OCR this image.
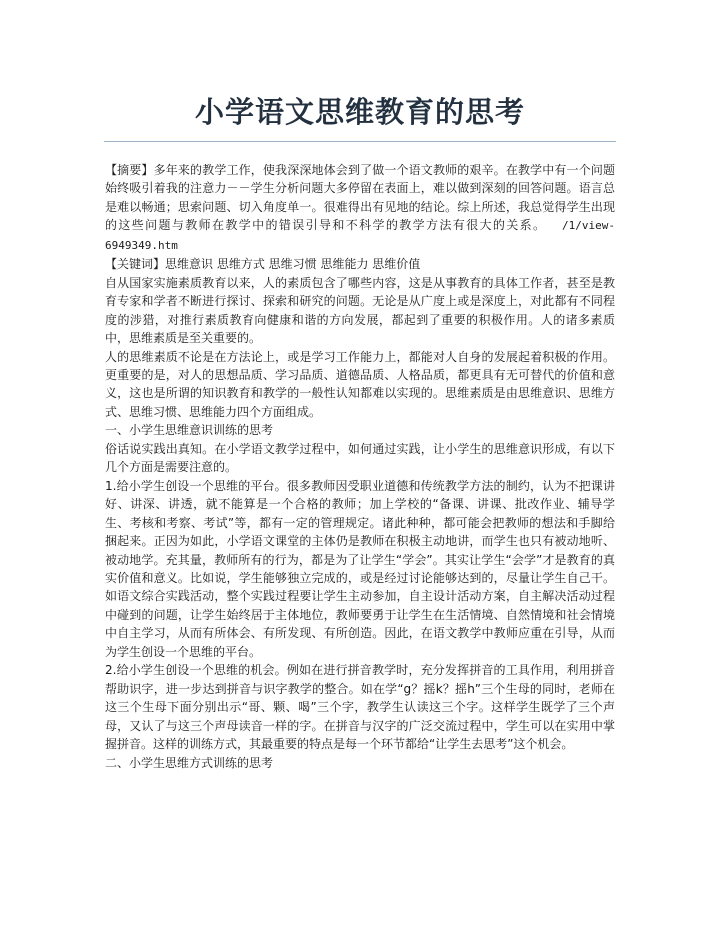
小学语文思维教育的思考

【摘要】多年来的教学工作，使我深深地体会到了做一个语文教师的艰辛。在教学中有一个问题始终吸引着我的注意力－－学生分析问题大多停留在表面上，难以做到深刻的回答问题。语言总是难以畅通；思索问题、切入角度单一。很难得出有见地的结论。综上所述，我总觉得学生出现的这些问题与教师在教学中的错误引导和不科学的教学方法有很大的关系。 /1/view-6949349.htm

【关键词】思维意识 思维方式 思维习惯 思维能力 思维价值

自从国家实施素质教育以来，人的素质包含了哪些内容，这是从事教育的具体工作者，甚至是教育专家和学者不断进行探讨、探索和研究的问题。无论是从广度上或是深度上，对此都有不同程度的涉猎，对推行素质教育向健康和谐的方向发展，都起到了重要的积极作用。人的诸多素质中，思维素质是至关重要的。

人的思维素质不论是在方法论上，或是学习工作能力上，都能对人自身的发展起着积极的作用。更重要的是，对人的思想品质、学习品质、道德品质、人格品质，都更具有无可替代的价值和意义，这也是所谓的知识教育和教学的一般性认知都难以实现的。思维素质是由思维意识、思维方式、思维习惯、思维能力四个方面组成。

一、小学生思维意识训练的思考

俗话说实践出真知。在小学语文教学过程中，如何通过实践，让小学生的思维意识形成，有以下几个方面是需要注意的。

1.给小学生创设一个思维的平台。很多教师因受职业道德和传统教学方法的制约，认为不把课讲好、讲深、讲透，就不能算是一个合格的教师；加上学校的“备课、讲课、批改作业、辅导学生、考核和考察、考试”等，都有一定的管理规定。诸此种种，都可能会把教师的想法和手脚给捆起来。正因为如此，小学语文课堂的主体仍是教师在积极主动地讲，而学生也只有被动地听、被动地学。充其量，教师所有的行为，都是为了让学生“学会”。其实让学生“会学”才是教育的真实价值和意义。比如说，学生能够独立完成的，或是经过讨论能够达到的，尽量让学生自己干。如语文综合实践活动，整个实践过程要让学生主动参加，自主设计活动方案，自主解决活动过程中碰到的问题，让学生始终居于主体地位，教师要勇于让学生在生活情境、自然情境和社会情境中自主学习，从而有所体会、有所发现、有所创造。因此，在语文教学中教师应重在引导，从而为学生创设一个思维的平台。

2.给小学生创设一个思维的机会。例如在进行拼音教学时，充分发挥拼音的工具作用，利用拼音帮助识字，进一步达到拼音与识字教学的整合。如在学“g？摇k？摇h”三个生母的同时，老师在这三个生母下面分别出示“哥、颗、喝”三个字，教学生认读这三个字。这样学生既学了三个声母，又认了与这三个声母读音一样的字。在拼音与汉字的广泛交流过程中，学生可以在实用中掌握拼音。这样的训练方式，其最重要的特点是每一个环节都给“让学生去思考”这个机会。

二、小学生思维方式训练的思考
